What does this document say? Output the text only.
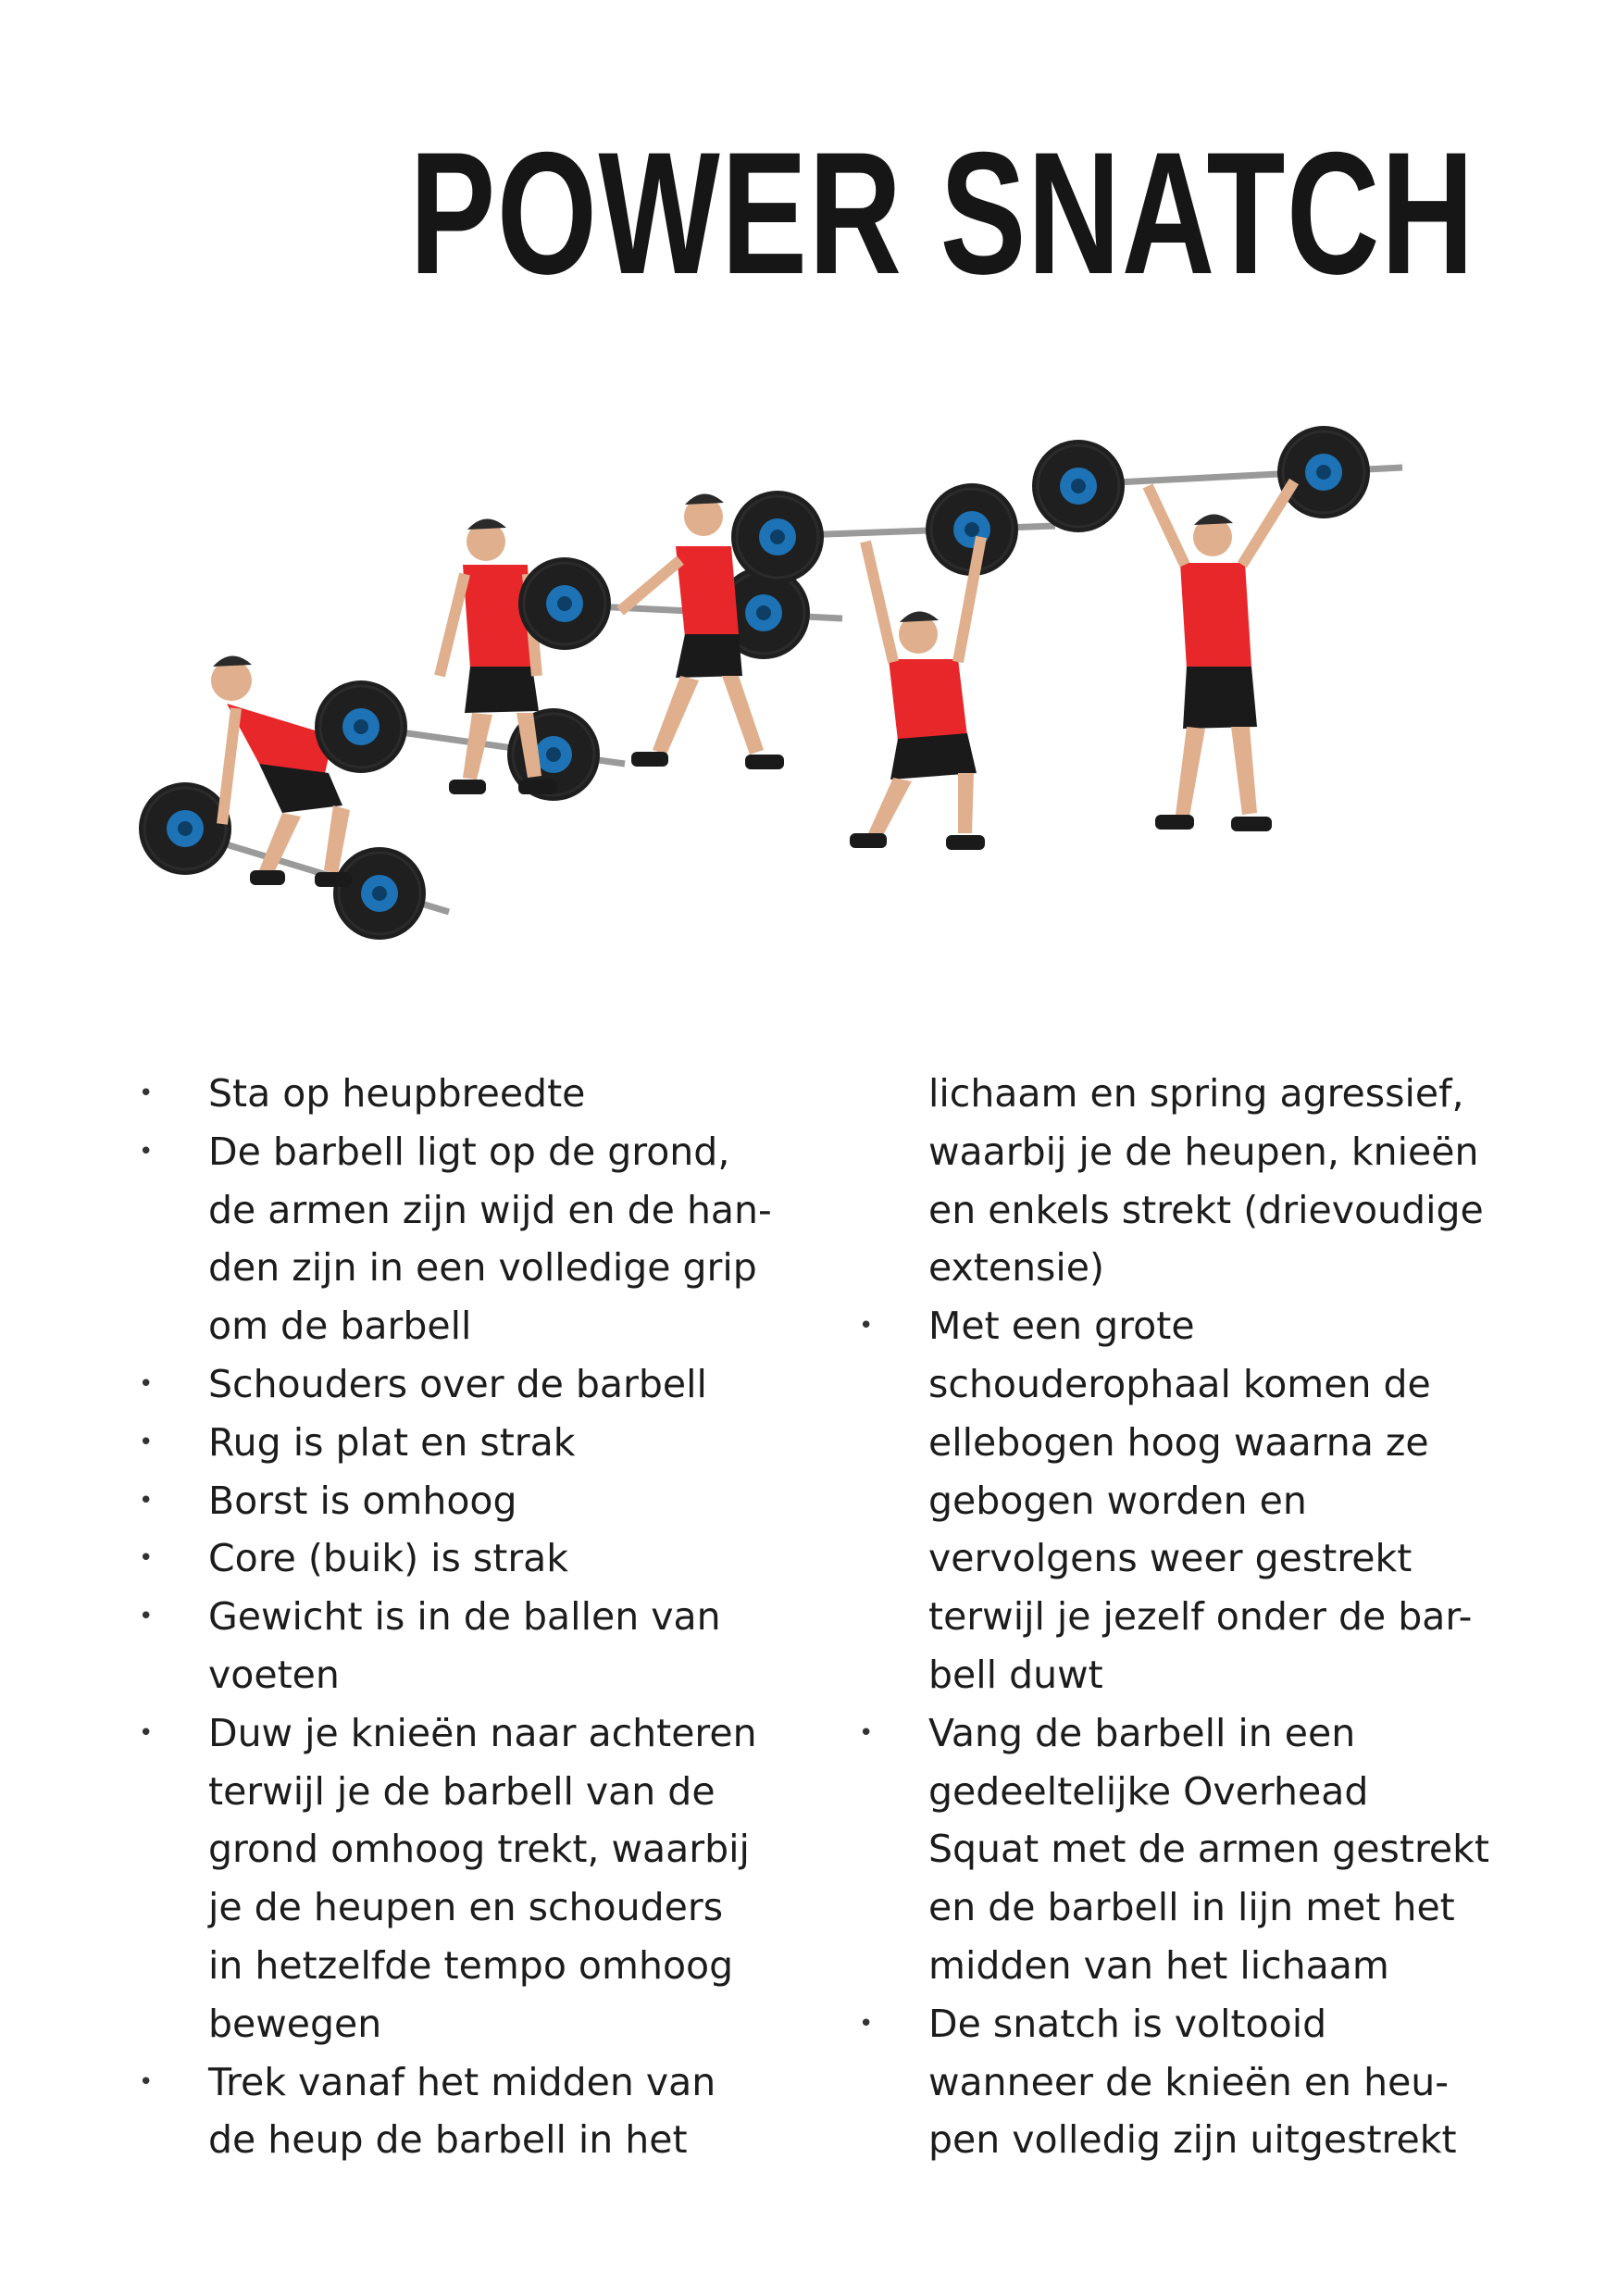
POWER SNATCH
• Sta op heupbreedte
• De barbell ligt op de grond,
de armen zijn wijd en de han-
den zijn in een volledige grip
om de barbell
• Schouders over de barbell
• Rug is plat en strak
• Borst is omhoog
• Core (buik) is strak
• Gewicht is in de ballen van
voeten
• Duw je knieën naar achteren
terwijl je de barbell van de
grond omhoog trekt, waarbij
je de heupen en schouders
in hetzelfde tempo omhoog
bewegen
• Trek vanaf het midden van
de heup de barbell in het
lichaam en spring agressief,
waarbij je de heupen, knieën
en enkels strekt (drievoudige
extensie)
• Met een grote
schouderophaal komen de
ellebogen hoog waarna ze
gebogen worden en
vervolgens weer gestrekt
terwijl je jezelf onder de bar-
bell duwt
• Vang de barbell in een
gedeeltelijke Overhead
Squat met de armen gestrekt
en de barbell in lijn met het
midden van het lichaam
• De snatch is voltooid
wanneer de knieën en heu-
pen volledig zijn uitgestrekt
